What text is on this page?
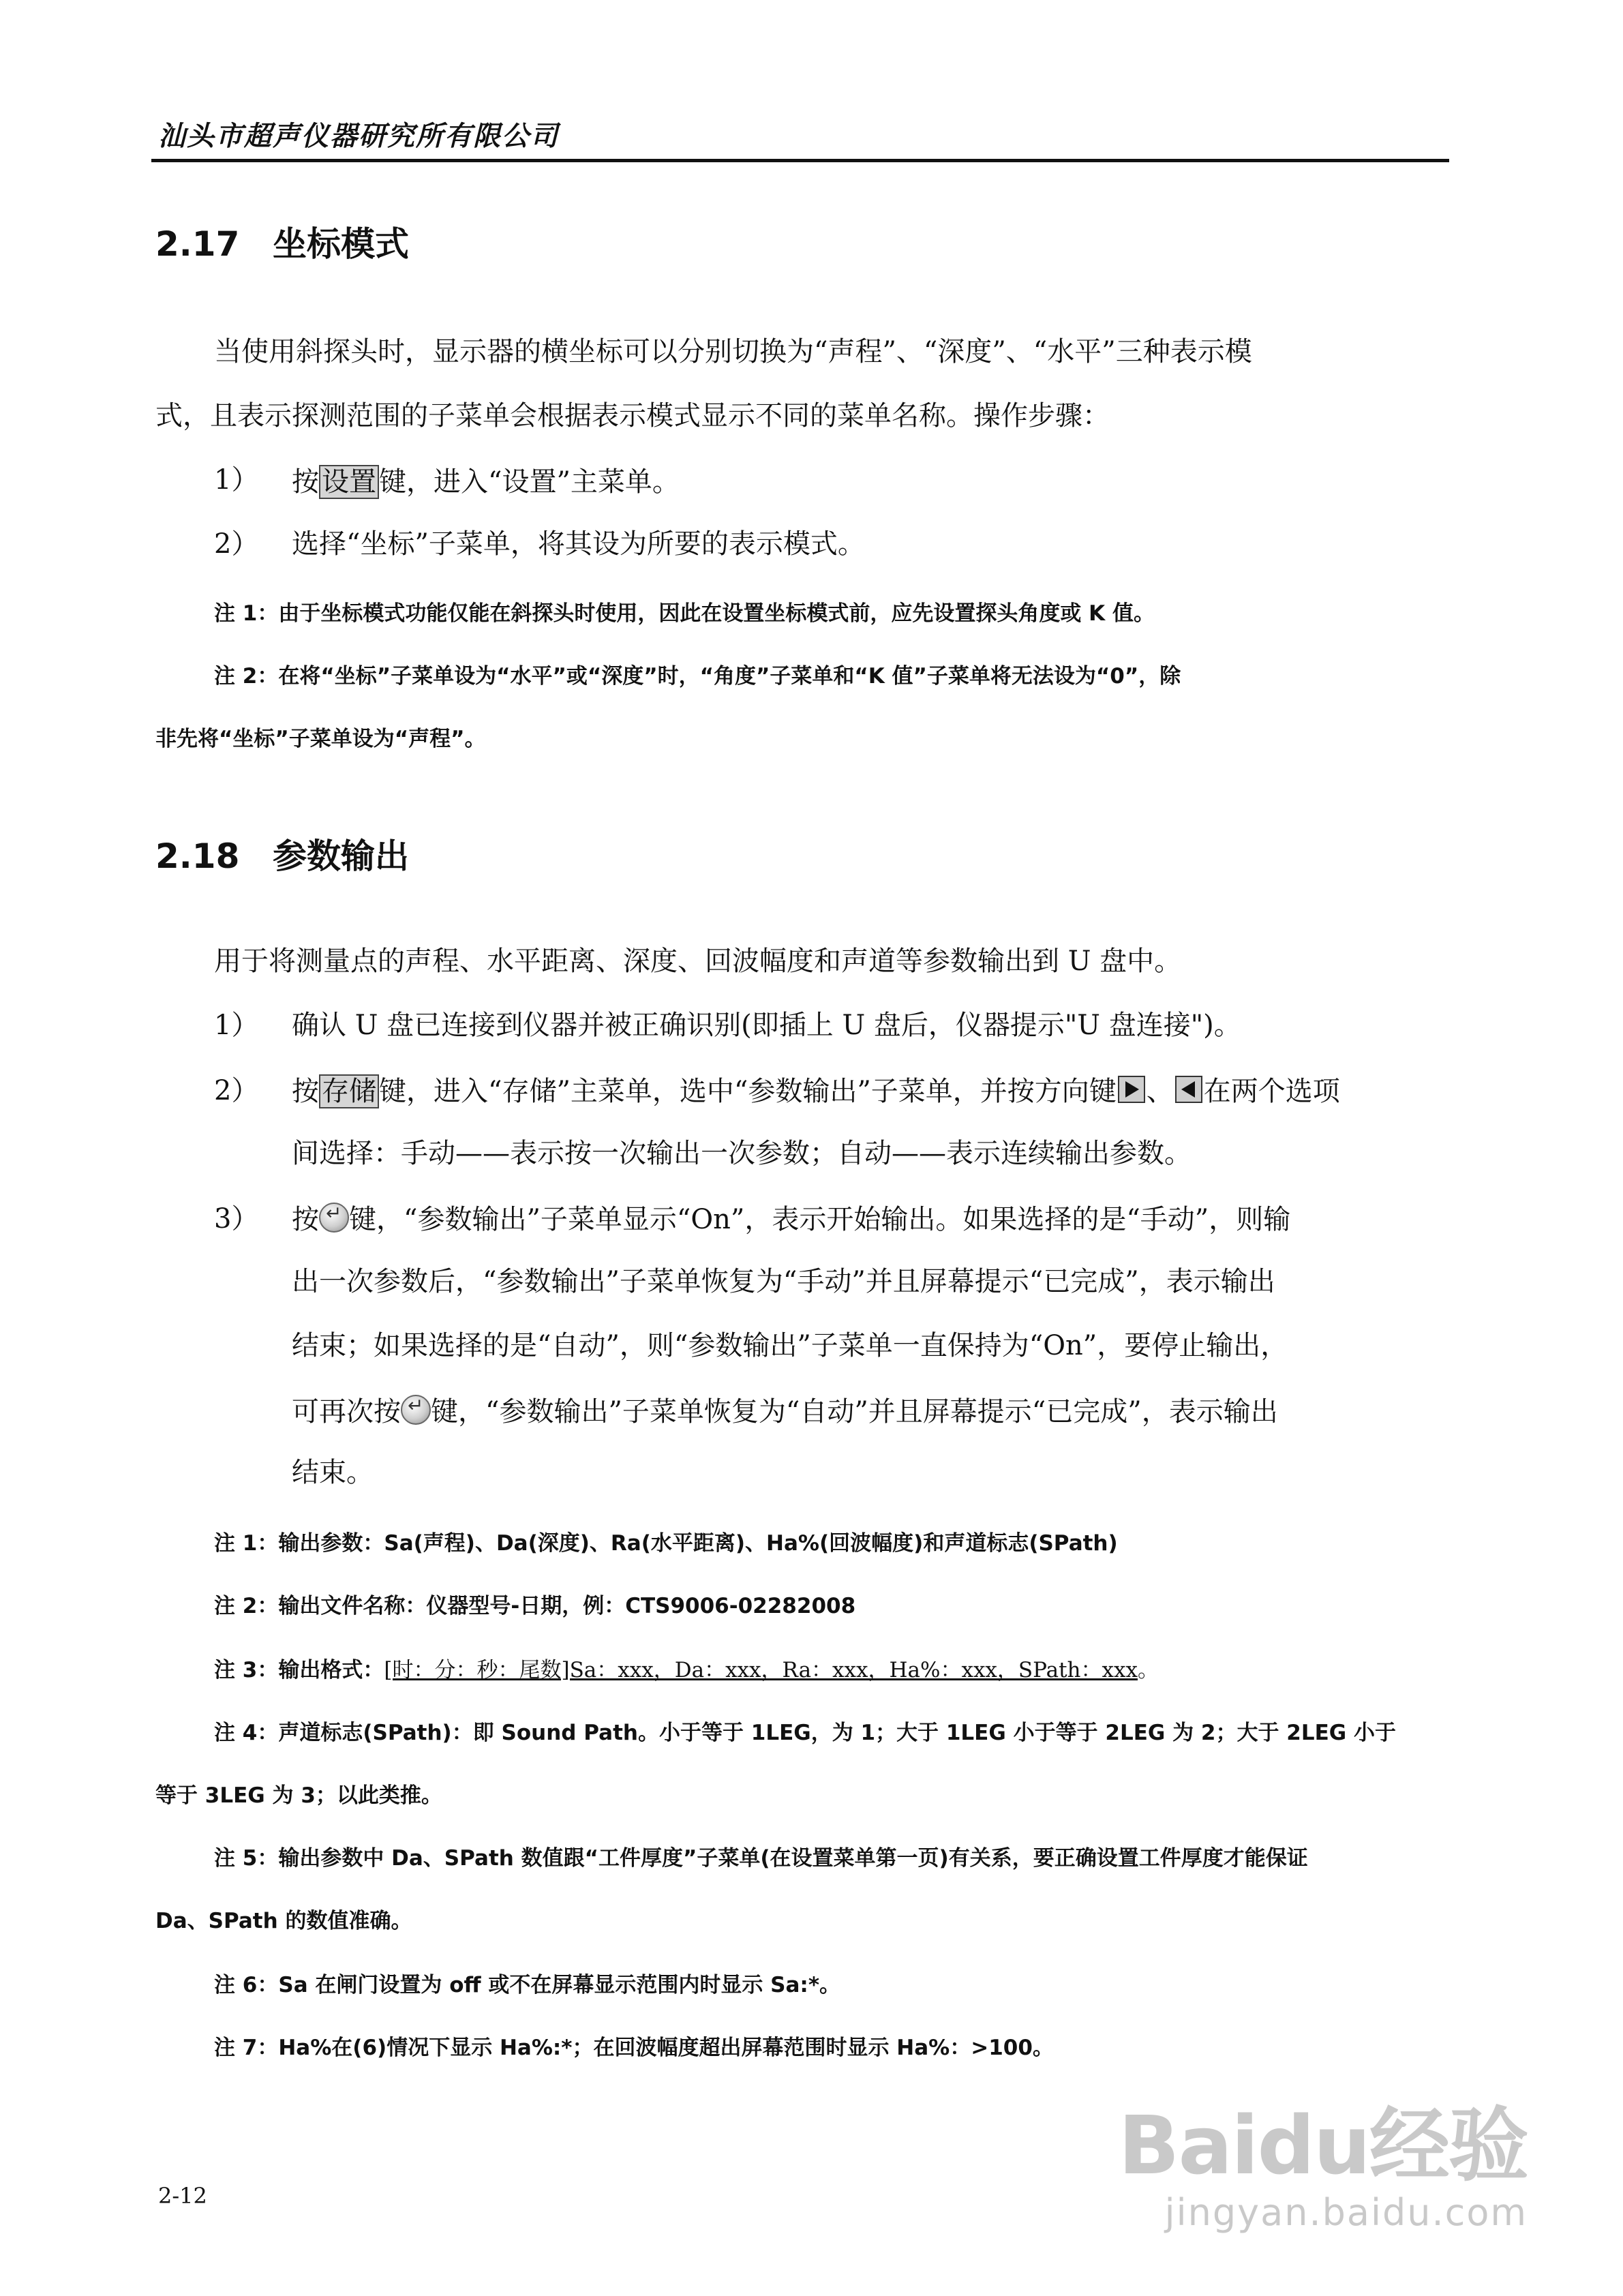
汕头市超声仪器研究所有限公司
2.17 坐标模式
当使用斜探头时，显示器的横坐标可以分别切换为“声程”、“深度”、“水平”三种表示模
式，且表示探测范围的子菜单会根据表示模式显示不同的菜单名称。操作步骤：
1） 按 设置 键，进入“设置”主菜单。
2） 选择“坐标”子菜单，将其设为所要的表示模式。
注 1：由于坐标模式功能仅能在斜探头时使用，因此在设置坐标模式前，应先设置探头角度或 K 值。
注 2：在将“坐标”子菜单设为“水平”或“深度”时，“角度”子菜单和“K 值”子菜单将无法设为“0”，除
非先将“坐标”子菜单设为“声程”。
2.18 参数输出
用于将测量点的声程、水平距离、深度、回波幅度和声道等参数输出到 U 盘中。
1） 确认 U 盘已连接到仪器并被正确识别(即插上 U 盘后，仪器提示"U 盘连接")。
2） 按 存储 键，进入“存储”主菜单，选中“参数输出”子菜单，并按方向键 、 在两个选项
间选择：手动——表示按一次输出一次参数；自动——表示连续输出参数。
3） 按 ↵ 键，“参数输出”子菜单显示“On”，表示开始输出。如果选择的是“手动”，则输
出一次参数后，“参数输出”子菜单恢复为“手动”并且屏幕提示“已完成”，表示输出
结束；如果选择的是“自动”，则“参数输出”子菜单一直保持为“On”，要停止输出，
可再次按 ↵ 键，“参数输出”子菜单恢复为“自动”并且屏幕提示“已完成”，表示输出
结束。
注 1：输出参数：Sa(声程)、Da(深度)、Ra(水平距离)、Ha%(回波幅度)和声道标志(SPath)
注 2：输出文件名称：仪器型号-日期，例：CTS9006-02282008
注 3：输出格式：[时：分：秒：尾数]Sa：xxx，Da：xxx，Ra：xxx，Ha%：xxx，SPath：xxx。
注 4：声道标志(SPath)：即 Sound Path。小于等于 1LEG，为 1；大于 1LEG 小于等于 2LEG 为 2；大于 2LEG 小于
等于 3LEG 为 3；以此类推。
注 5：输出参数中 Da、SPath 数值跟“工件厚度”子菜单(在设置菜单第一页)有关系，要正确设置工件厚度才能保证
Da、SPath 的数值准确。
注 6：Sa 在闸门设置为 off 或不在屏幕显示范围内时显示 Sa:*。
注 7：Ha%在(6)情况下显示 Ha%:*；在回波幅度超出屏幕范围时显示 Ha%：>100。
2-12
Baidu经验
jingyan.baidu.com
